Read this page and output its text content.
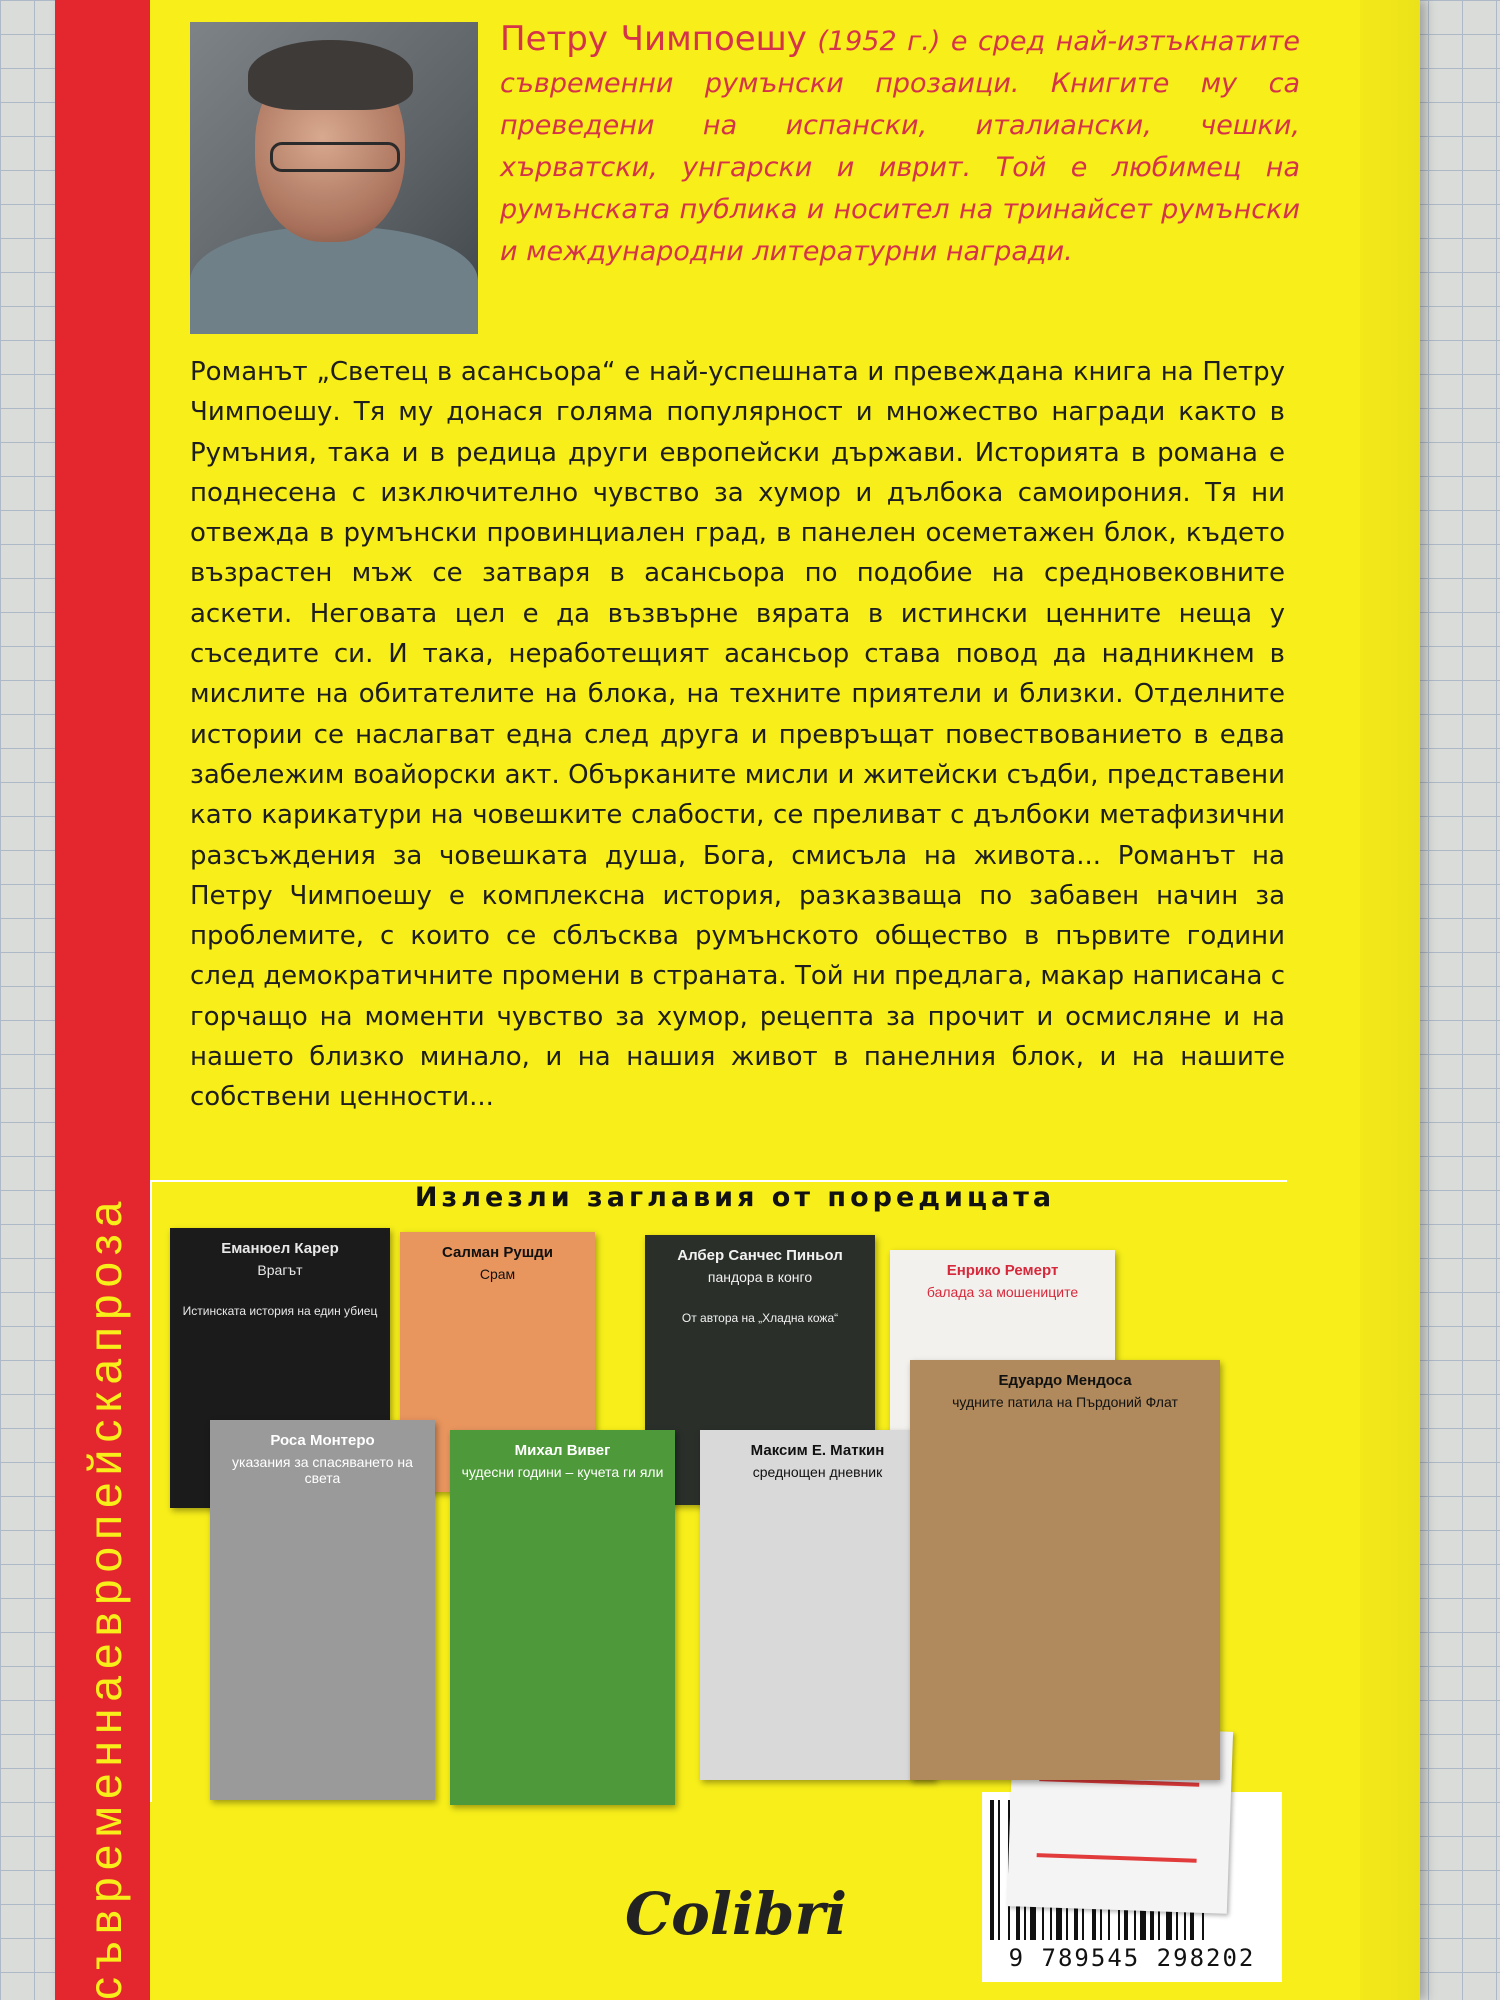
съвременнаевропейскапроза
Петру Чимпоешу (1952 г.) е сред най-изтъкнатите съвременни румънски прозаици. Книгите му са преведени на испански, италиански, чешки, хърватски, унгарски и иврит. Той е любимец на румънската публика и носител на тринайсет румънски и международни литературни награди.

Романът „Светец в асансьора“ е най-успешната и превеждана книга на Петру Чимпоешу. Тя му донася голяма популярност и множество награди както в Румъния, така и в редица други европейски държави. Историята в романа е поднесена с изключително чувство за хумор и дълбока самоирония. Тя ни отвежда в румънски провинциален град, в панелен осеметажен блок, където възрастен мъж се затваря в асансьора по подобие на средновековните аскети. Неговата цел е да възвърне вярата в истински ценните неща у съседите си. И така, неработещият асансьор става повод да надникнем в мислите на обитателите на блока, на техните приятели и близки. Отделните истории се наслагват една след друга и превръщат повествованието в едва забележим воайорски акт. Обърканите мисли и житейски съдби, представени като карикатури на човешките слабости, се преливат с дълбоки метафизични разсъждения за човешката душа, Бога, смисъла на живота... Романът на Петру Чимпоешу е комплексна история, разказваща по забавен начин за проблемите, с които се сблъсква румънското общество в първите години след демократичните промени в страната. Той ни предлага, макар написана с горчащо на моменти чувство за хумор, рецепта за прочит и осмисляне и на нашето близко минало, и на нашия живот в панелния блок, и на нашите собствени ценности...

Излезли заглавия от поредицата
Еманюел Карер
Врагът
Истинската история на един убиец
Салман Рушди
Срам
Албер Санчес Пиньол
пандора в конго
От автора на „Хладна кожа“
Енрико Ремерт
балада за мошениците
Роса Монтеро
указания за спасяването на света
Михал Вивег
чудесни години – кучета ги яли
Максим Е. Маткин
среднощен дневник
Едуардо Мендоса
чудните патила на Пърдоний Флат
9 789545 298202
Colibri
